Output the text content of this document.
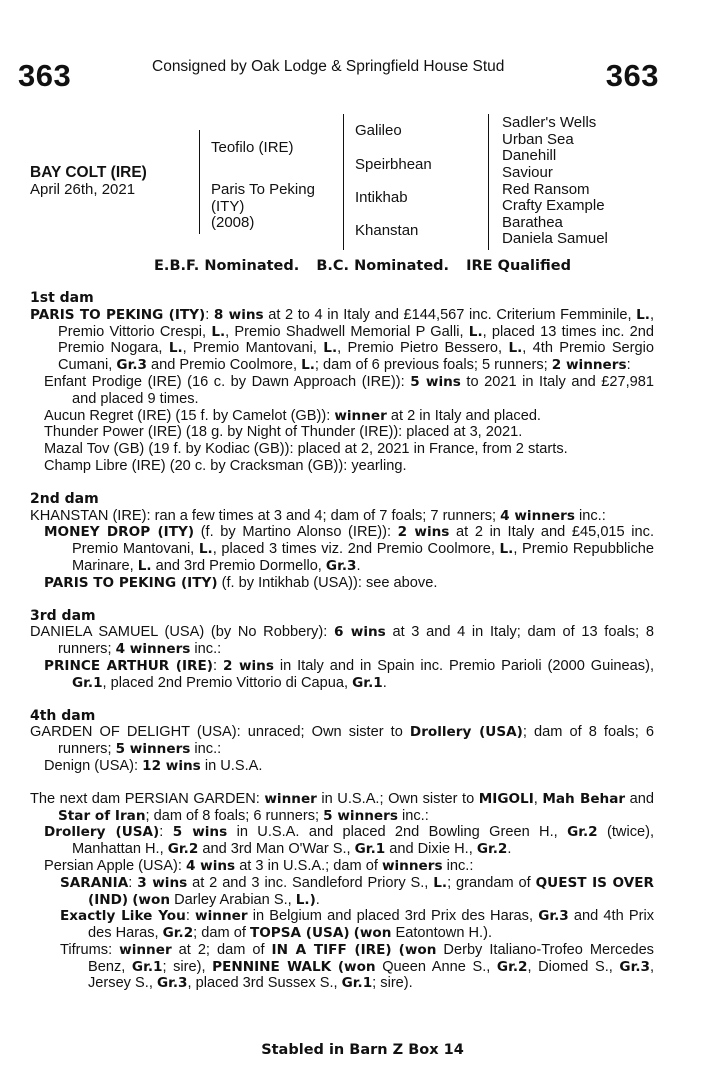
363	Consigned by Oak Lodge & Springfield House Stud	363
BAY COLT (IRE)
April 26th, 2021
Teofilo (IRE)
Paris To Peking
(ITY)
(2008)
Galileo
Speirbhean
Intikhab
Khanstan
Sadler's Wells
Urban Sea
Danehill
Saviour
Red Ransom
Crafty Example
Barathea
Daniela Samuel
E.B.F. Nominated. B.C. Nominated. IRE Qualified

1st dam

PARIS TO PEKING (ITY): 8 wins at 2 to 4 in Italy and £144,567 inc. Criterium Femminile, L., Premio Vittorio Crespi, L., Premio Shadwell Memorial P Galli, L., placed 13 times inc. 2nd Premio Nogara, L., Premio Mantovani, L., Premio Pietro Bessero, L., 4th Premio Sergio Cumani, Gr.3 and Premio Coolmore, L.; dam of 6 previous foals; 5 runners; 2 winners:

Enfant Prodige (IRE) (16 c. by Dawn Approach (IRE)): 5 wins to 2021 in Italy and £27,981 and placed 9 times.

Aucun Regret (IRE) (15 f. by Camelot (GB)): winner at 2 in Italy and placed.

Thunder Power (IRE) (18 g. by Night of Thunder (IRE)): placed at 3, 2021.

Mazal Tov (GB) (19 f. by Kodiac (GB)): placed at 2, 2021 in France, from 2 starts.

Champ Libre (IRE) (20 c. by Cracksman (GB)): yearling.

2nd dam

KHANSTAN (IRE): ran a few times at 3 and 4; dam of 7 foals; 7 runners; 4 winners inc.:

MONEY DROP (ITY) (f. by Martino Alonso (IRE)): 2 wins at 2 in Italy and £45,015 inc. Premio Mantovani, L., placed 3 times viz. 2nd Premio Coolmore, L., Premio Repubbliche Marinare, L. and 3rd Premio Dormello, Gr.3.

PARIS TO PEKING (ITY) (f. by Intikhab (USA)): see above.

3rd dam

DANIELA SAMUEL (USA) (by No Robbery): 6 wins at 3 and 4 in Italy; dam of 13 foals; 8 runners; 4 winners inc.:

PRINCE ARTHUR (IRE): 2 wins in Italy and in Spain inc. Premio Parioli (2000 Guineas), Gr.1, placed 2nd Premio Vittorio di Capua, Gr.1.

4th dam

GARDEN OF DELIGHT (USA): unraced; Own sister to Drollery (USA); dam of 8 foals; 6 runners; 5 winners inc.:

Denign (USA): 12 wins in U.S.A.

The next dam PERSIAN GARDEN: winner in U.S.A.; Own sister to MIGOLI, Mah Behar and Star of Iran; dam of 8 foals; 6 runners; 5 winners inc.:

Drollery (USA): 5 wins in U.S.A. and placed 2nd Bowling Green H., Gr.2 (twice), Manhattan H., Gr.2 and 3rd Man O'War S., Gr.1 and Dixie H., Gr.2.

Persian Apple (USA): 4 wins at 3 in U.S.A.; dam of winners inc.:

SARANIA: 3 wins at 2 and 3 inc. Sandleford Priory S., L.; grandam of QUEST IS OVER (IND) (won Darley Arabian S., L.).

Exactly Like You: winner in Belgium and placed 3rd Prix des Haras, Gr.3 and 4th Prix des Haras, Gr.2; dam of TOPSA (USA) (won Eatontown H.).

Tifrums: winner at 2; dam of IN A TIFF (IRE) (won Derby Italiano-Trofeo Mercedes Benz, Gr.1; sire), PENNINE WALK (won Queen Anne S., Gr.2, Diomed S., Gr.3, Jersey S., Gr.3, placed 3rd Sussex S., Gr.1; sire).

Stabled in Barn Z Box 14
